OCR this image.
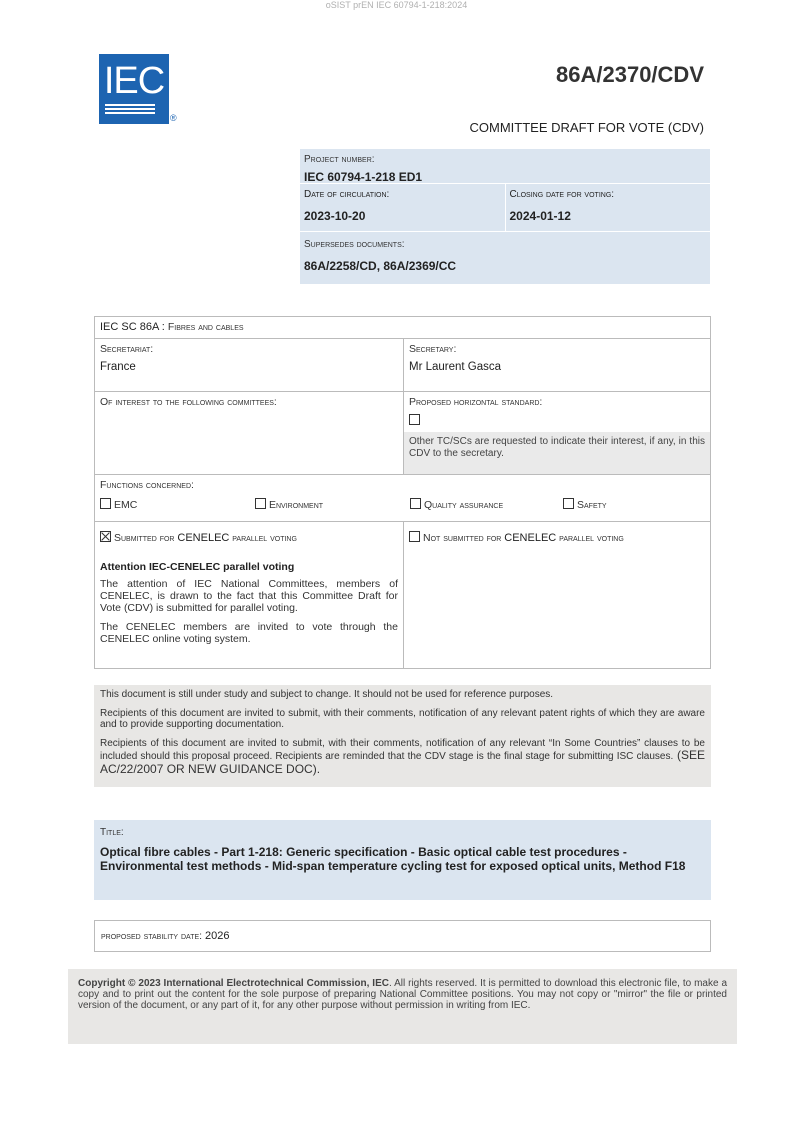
oSIST prEN IEC 60794-1-218:2024
IEC
®
86A/2370/CDV
COMMITTEE DRAFT FOR VOTE (CDV)
Project number:
IEC 60794-1-218 ED1
Date of circulation:
2023-10-20
Closing date for voting:
2024-01-12
Supersedes documents:
86A/2258/CD, 86A/2369/CC
IEC SC 86A : Fibres and cables
Secretariat:
France
Secretary:
Mr Laurent Gasca
Of interest to the following committees:	Proposed horizontal standard:
Other TC/SCs are requested to indicate their interest, if any, in this CDV to the secretary.
Functions concerned:
EMC	Environment	Quality assurance	Safety
Submitted for CENELEC parallel voting
Attention IEC-CENELEC parallel voting
The attention of IEC National Committees, members of CENELEC, is drawn to the fact that this Committee Draft for Vote (CDV) is submitted for parallel voting.
The CENELEC members are invited to vote through the CENELEC online voting system.
Not submitted for CENELEC parallel voting

This document is still under study and subject to change. It should not be used for reference purposes.

Recipients of this document are invited to submit, with their comments, notification of any relevant patent rights of which they are aware and to provide supporting documentation.

Recipients of this document are invited to submit, with their comments, notification of any relevant “In Some Countries” clauses to be included should this proposal proceed. Recipients are reminded that the CDV stage is the final stage for submitting ISC clauses. (SEE AC/22/2007 OR NEW GUIDANCE DOC).

Title:
Optical fibre cables - Part 1-218: Generic specification - Basic optical cable test procedures - Environmental test methods - Mid-span temperature cycling test for exposed optical units, Method F18
proposed stability date: 2026
Copyright © 2023 International Electrotechnical Commission, IEC. All rights reserved. It is permitted to download this electronic file, to make a copy and to print out the content for the sole purpose of preparing National Committee positions. You may not copy or "mirror" the file or printed version of the document, or any part of it, for any other purpose without permission in writing from IEC.
